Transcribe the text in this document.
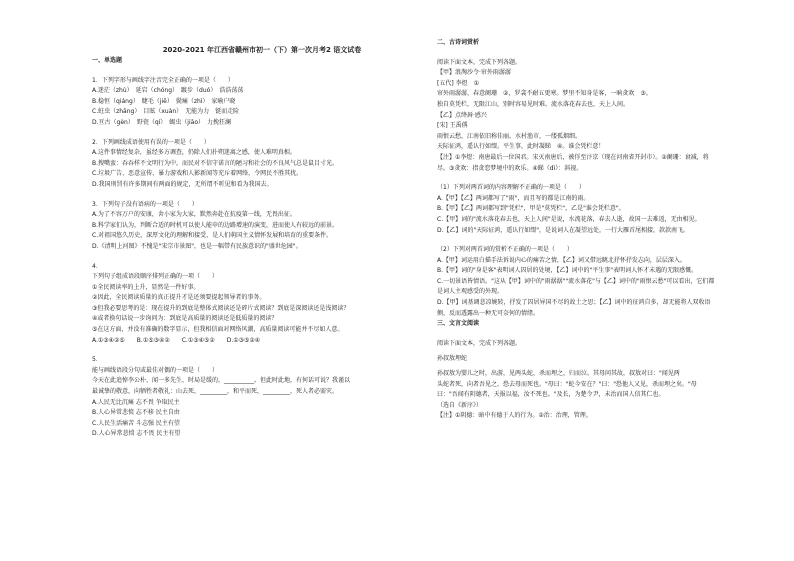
2020-2021 年江西省赣州市初一（下）第一次月考2 语文试卷
一、单选题
1．下列字形与画线字注音完全正确的一项是（　　）
A.迷茫（zhù）　延宕（chóng）　踱步（duó）　浩浩荡荡
B.稳恒（qiáng）　睫毛（jiē）　鬓痛（zhì）　家喻户晓
C.蛀虫（zhāng）　目眩（xuàn）　无能为力　铤而走险
D.亘古（gèn）　野瓷（qí）　蝎虫（jiāo）　力挽狂澜
2．下列画线成语使用有误的一项是（　　）
A.这件事情经复杂，虽经多方调查，仍除人们扑朔迷离之感，使人难明真相。
B.搜嘴蛮：吞吞样不文明行为中，而民对不信守诺言的陋习和社会的不良风气总是鼠目寸光。
C.垃圾广告、恶意宣传、暴力游戏和人影新闻等充斥着网络，令网民不胜其扰。
D.我国刑罚有许多期间有两面的规定，无所谓不听见和看为我国去。
3．下列句子没有语病的一项是（　　）
A.为了不容万户的安康，舍小家为大家，默然奔赴在抗疫第一线，无畏出征。
B.科学家们认为，判断合适的时机可以使人能申的边路增速的演变，进而使人有较远的前景。
C.对祖国悠久历史，深厚文化的理解和接受，是人们萌国主义情怀发展和培育的重要条件。
D.《清明上河图》不愧是"宋宗市景图"，也是一幅带有民族意识的"盛世危园"。
4．
下列句子组成语段顺序排列正确的一项（　　）
①全民阅读率的上升，显然是一件好事。
②因此，全民阅读质量的真正提升才是还须要提起领导者的事务。
③但我必要思考的是：现在提升的到底是整体式阅读还是碎片式阅读？到底是深阅读还是浅阅读？
④或者换句话说一步询问为：到底是高质量的阅读还是低质量的阅读？
⑤在这方面，并没有准确的数字显示，但我相信面对网络风潮，高质量阅读可能并不尽如人意。
A.①③④②⑤　　B.①⑤③④②　　C.①③④⑤②　　D.①③⑤②④
5．
能与画线语段分句或最佳对偶的一项是（　　）
今天在此追悼李公朴、闻一多先生，时局是缓的，__________。但此时此地，有何话可说？我谨以
最诚挚的敬意，向牺牲者敬礼：山去死，_________，和平而死，_________，死人者必需灾。
A.人民无比沉痛 志不畏 争取民主
B.人心异常悲愤 志不移 民主自由
C.人民生活痛苦 斗志强 民主有望
D.人心异常悲愤 志不畏 民主有望
二、古诗词赏析
阅读下面文本，完成下列各题。
【甲】浪淘沙令·帘外雨潺潺
[五代] 李煜　①
帘外雨潺潺，春意阑珊　②，罗衾不耐五更寒。梦里不知身是客，一晌贪欢　③。
独自莫凭栏，无限江山，别时容易见时难。流水落花春去也，天上人间。
【乙】点绛唇·感兴
[宋] 王禹偁
雨恨云愁，江南依旧称佳丽。水村渔市，一缕孤烟细。
天际征鸿，遥认行如缀。平生事，此时凝睇　④。谁会凭栏意！
【注】①李煜：南唐最后一位国君。宋灭南唐后，被俘至汴京（现在河南省开封市）。②阑珊：衰减，将
尽。③贪欢：指贪恋梦境中的欢乐。④睇（dì）：斜视。
（1）下列对两首词的内容理解不正确的一项是（　　）
A.【甲】【乙】两词都写了"雨"，而且写的都是江南的雨。
B.【甲】【乙】两词都写到"凭栏"，甲是"莫凭栏"，乙是"谁会凭栏意"。
C.【甲】词的"流水落花春去也，天上人间"是说，水流花落，春去人逝，故国一去难返，无由相见。
D.【乙】词的"天际征鸿，遥认行如缀"，是说词人在凝望远处，一行大雁首尾相接，款款南飞。
（2）下列对两首词的赏析不正确的一项是（　　）
A.【甲】词运用白描手法诉说内心的痛苦之情，【乙】词又借远眺北抒怀抒发志向，层层深入。
B.【甲】词的"身是客"表明词人囚居的处境，【乙】词中的"平生事"表明词人怀才未遇的无限感慨。
C.一切景语皆情语。"这从【甲】词中的"雨潺潺""流水落花"与【乙】词中的"雨恨云愁"可以看出，它们都
是词人主观感受的外现。
D.【甲】词基调悲凉婉转，抒发了囚居异国不尽的故土之思；【乙】词中的征鸿自多，却无能将人双收语
侧，反而透露出一种无可奈何的情绪。
三、文言文阅读
阅读下面文本，完成下列各题。
孙叔敖埋蛇
孙叔敖为婴儿之时，出游，见两头蛇，杀而埋之，归而泣。其母问其故，叔敖对曰："闻见两
头蛇者死，向者吾见之，恐去母而死也。"母曰："蛇今安在？"曰："恐他人又见，杀而埋之矣。"母
曰："吾闻有阴德者，天报以福，汝不死也。"及长，为楚令尹，未治而国人信其仁也。
（选自《新序》）
【注】①阴德：暗中有德于人的行为。②治：治理，管理。
